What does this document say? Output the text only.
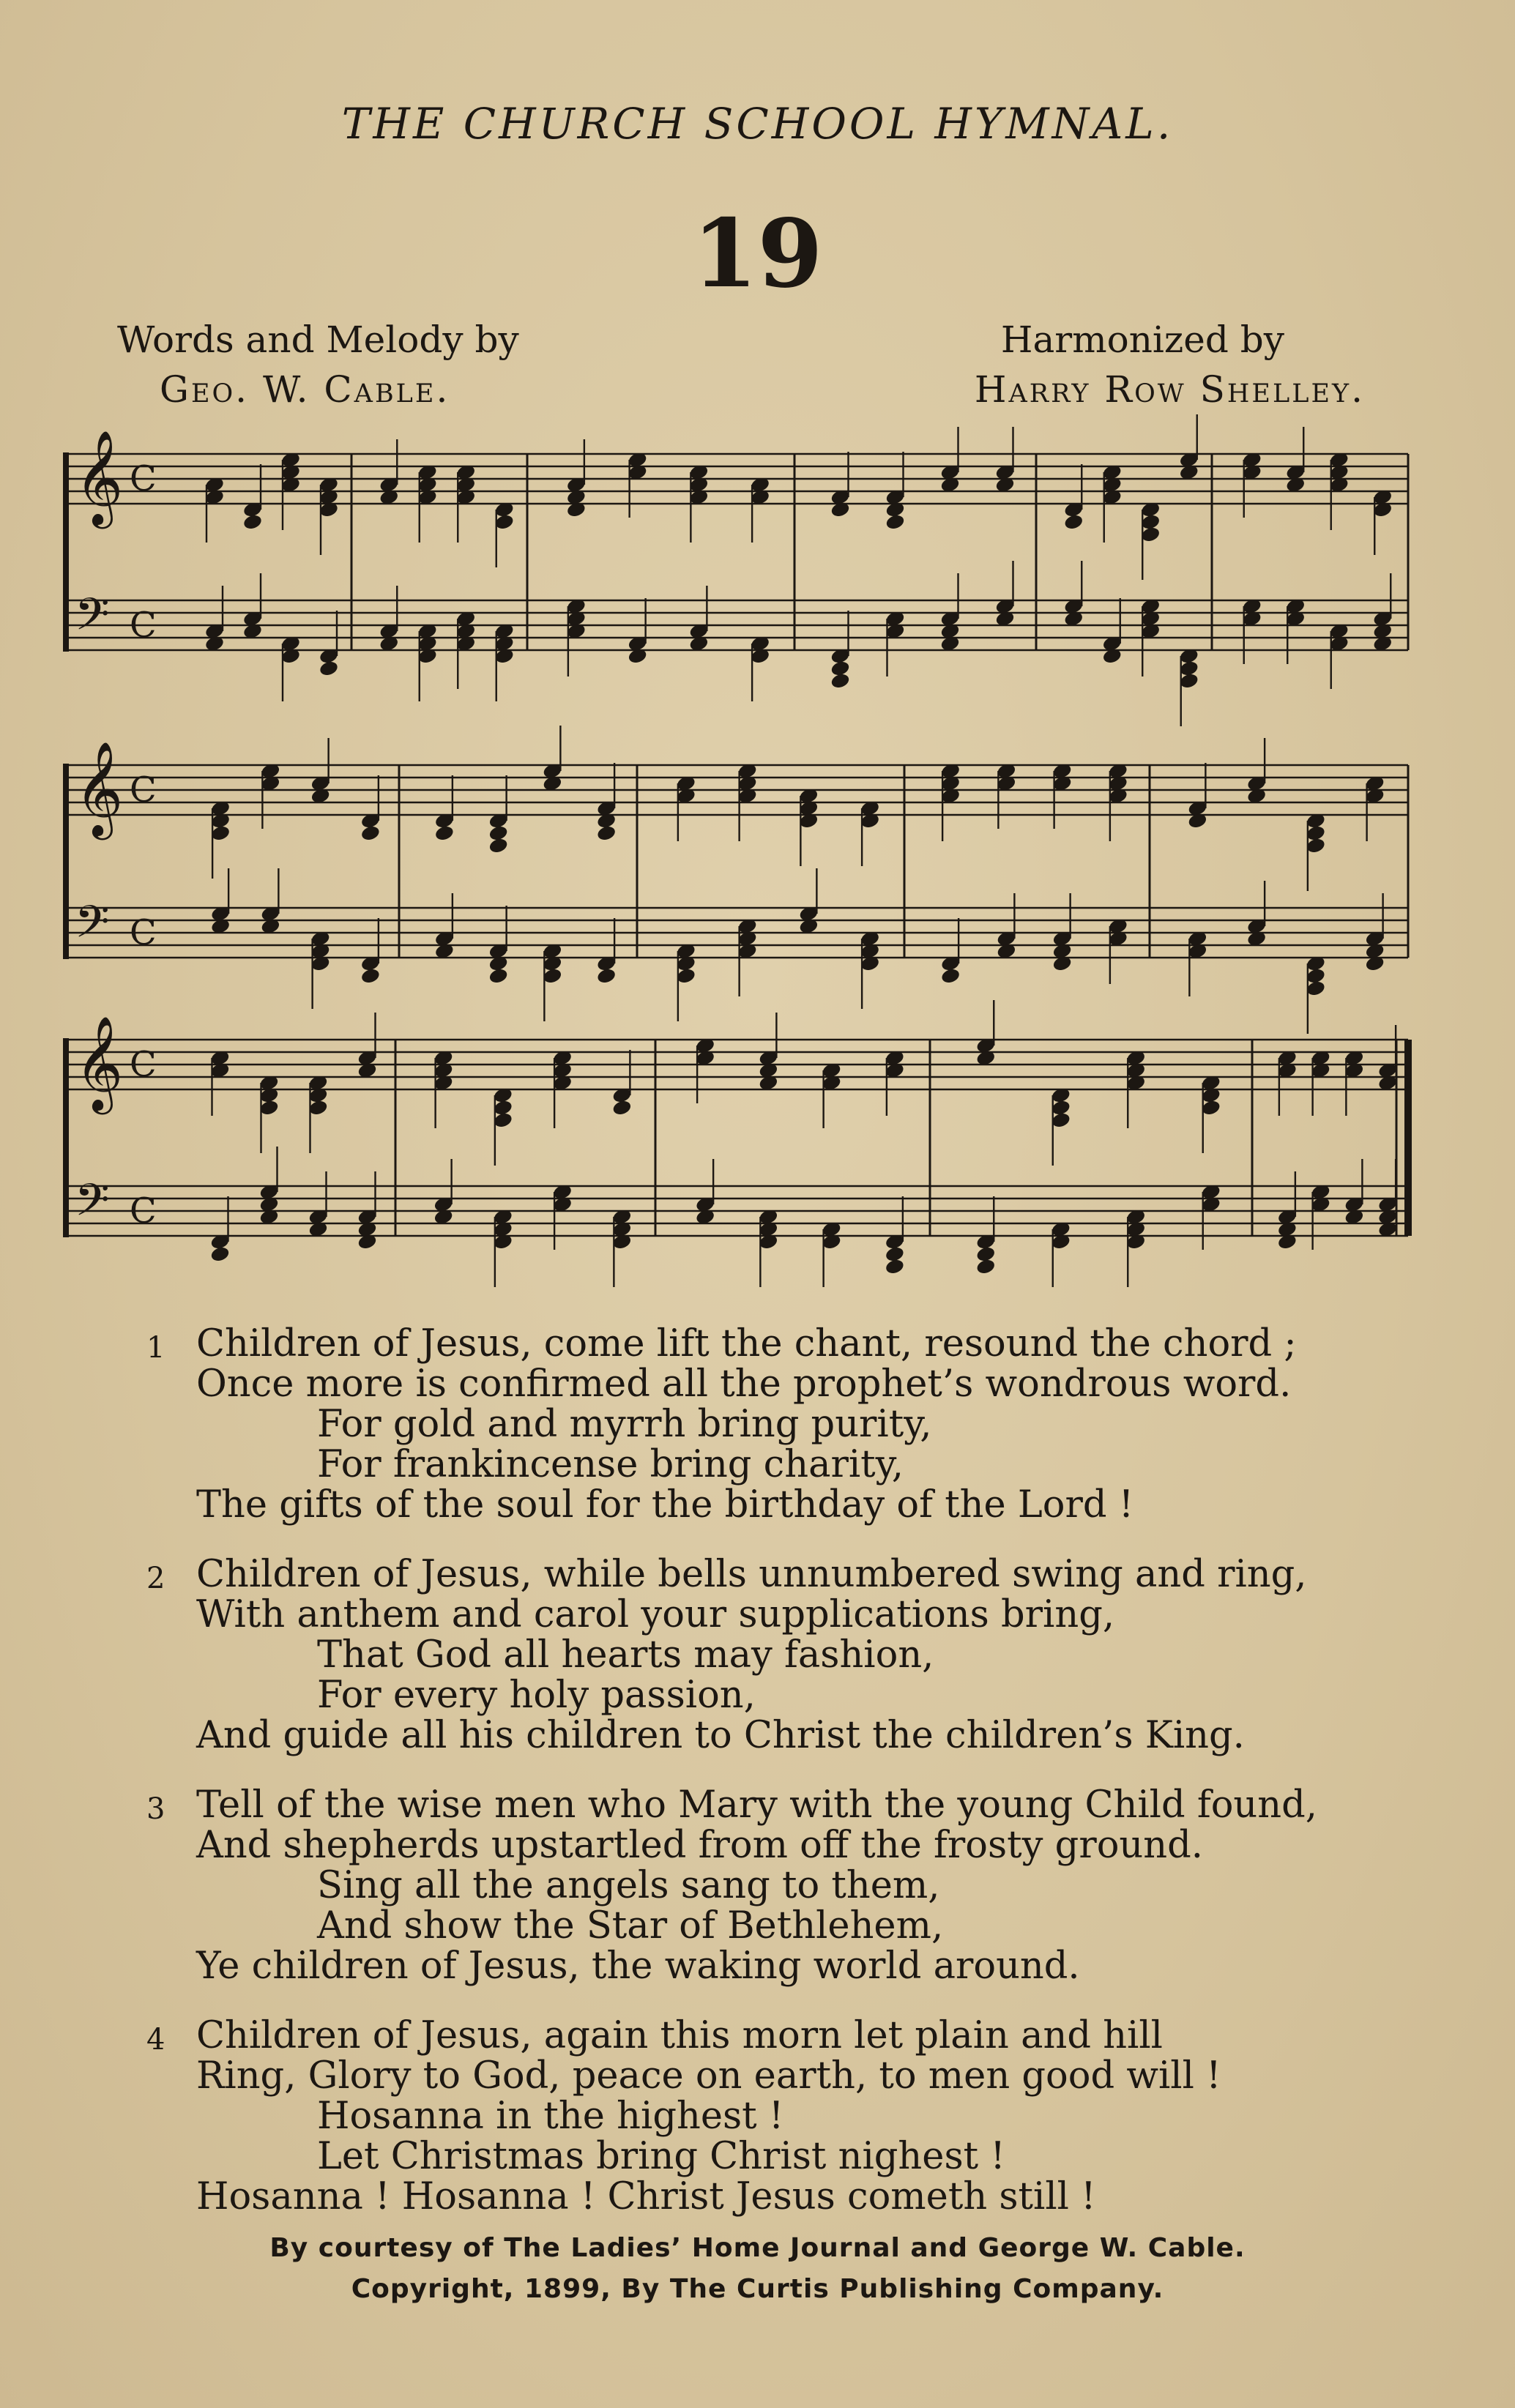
THE CHURCH SCHOOL HYMNAL.
19
Words and Melody by
Geo. W. Cable.
Harmonized by
Harry Row Shelley.
𝄞 C
𝄢 C
𝄞 C
𝄢 C
𝄞 C
𝄢 C
1 Children of Jesus, come lift the chant, resound the chord ;
Once more is confirmed all the prophet’s wondrous word.
For gold and myrrh bring purity,
For frankincense bring charity,
The gifts of the soul for the birthday of the Lord !
2 Children of Jesus, while bells unnumbered swing and ring,
With anthem and carol your supplications bring,
That God all hearts may fashion,
For every holy passion,
And guide all his children to Christ the children’s King.
3 Tell of the wise men who Mary with the young Child found,
And shepherds upstartled from off the frosty ground.
Sing all the angels sang to them,
And show the Star of Bethlehem,
Ye children of Jesus, the waking world around.
4 Children of Jesus, again this morn let plain and hill
Ring, Glory to God, peace on earth, to men good will !
Hosanna in the highest !
Let Christmas bring Christ nighest !
Hosanna ! Hosanna ! Christ Jesus cometh still !
By courtesy of The Ladies’ Home Journal and George W. Cable.
Copyright, 1899, By The Curtis Publishing Company.
